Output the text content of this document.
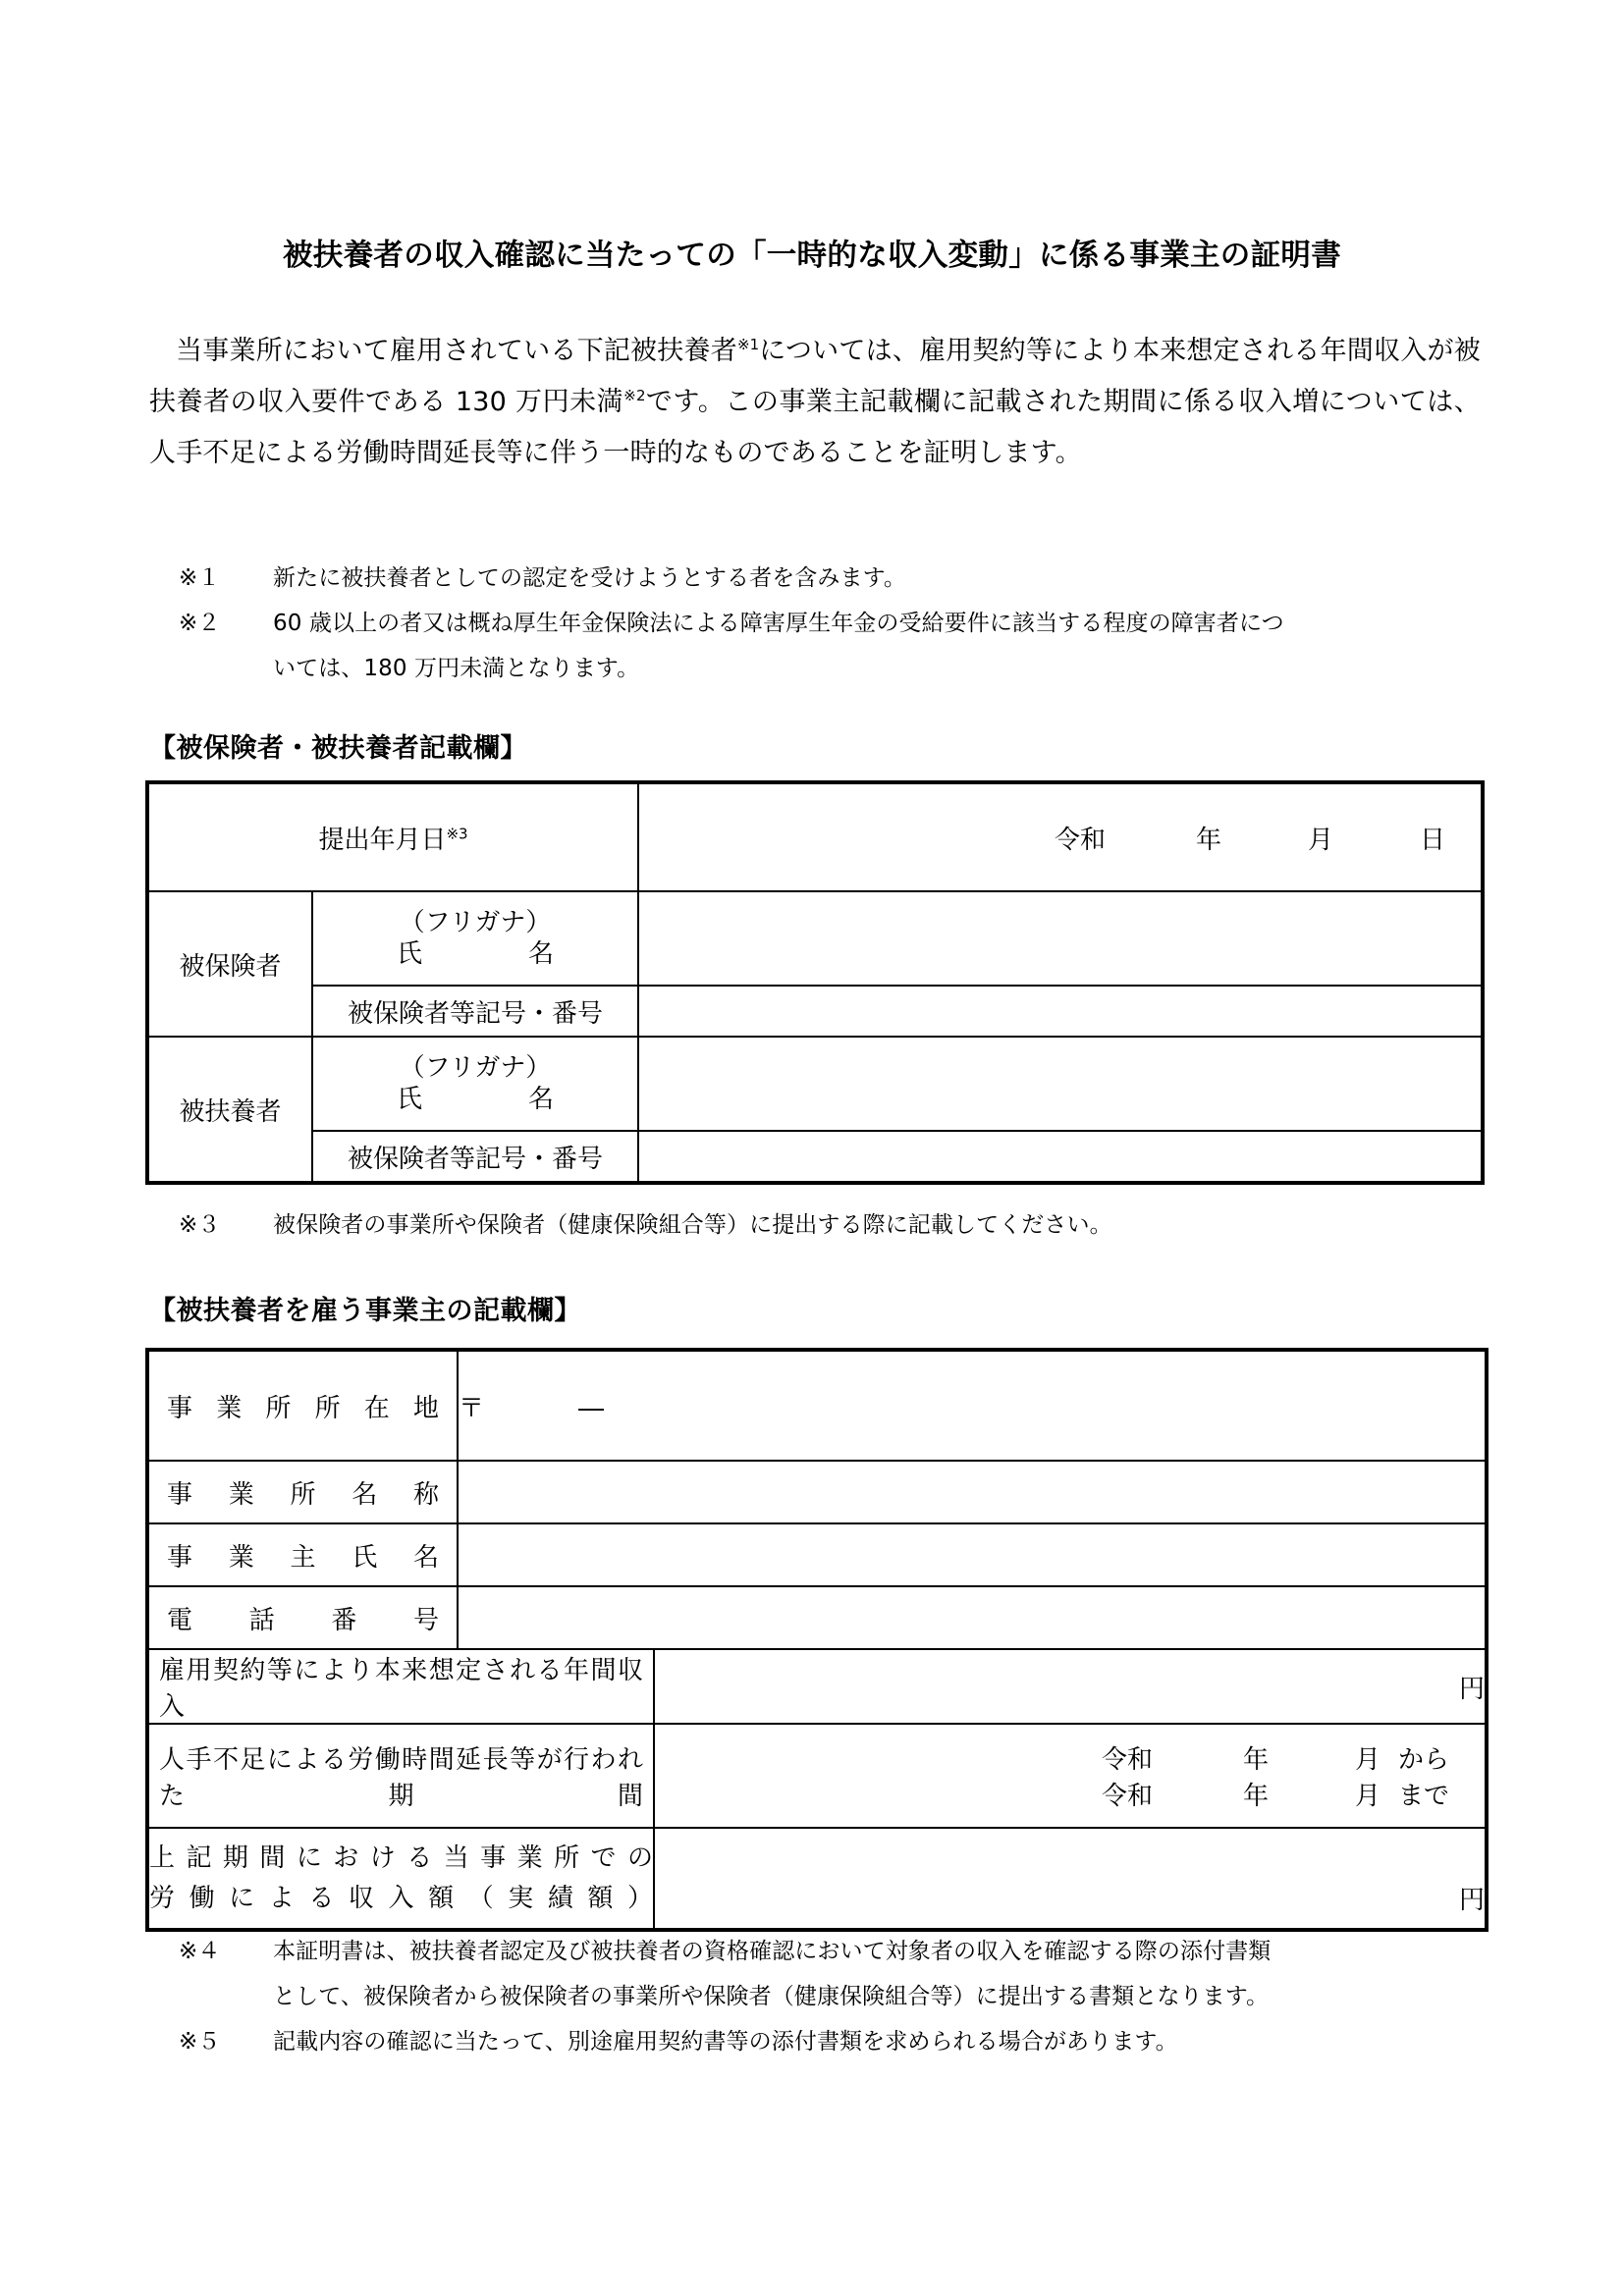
被扶養者の収入確認に当たっての「一時的な収入変動」に係る事業主の証明書
当事業所において雇用されている下記被扶養者$^{※1}$については、雇用契約等により本来想定される年間収入が被扶養者の収入要件である 130 万円未満$^{※2}$です。この事業主記載欄に記載された期間に係る収入増については、人手不足による労働時間延長等に伴う一時的なものであることを証明します。
※１ 新たに被扶養者としての認定を受けようとする者を含みます。
※２ 60 歳以上の者又は概ね厚生年金保険法による障害厚生年金の受給要件に該当する程度の障害者につ
いては、180 万円未満となります。
【被保険者・被扶養者記載欄】
提出年月日$^{※3}$		令和 年 月 日

被保険者	（フリガナ）
氏　　名	

	被保険者等記号・番号	
被扶養者	（フリガナ）
氏　　名	

	被保険者等記号・番号	
※３ 被保険者の事業所や保険者（健康保険組合等）に提出する際に記載してください。
【被扶養者を雇う事業主の記載欄】
事業所所在地	〒 ―	

事業所名称		

事業主氏名		

電話番号		

雇用契約等により本来想定される年間収入		円

人手不足による労働時間延長等が行われた期間

令和	年	月 から
令和	年	月 まで

上記期間における当事業所での
労働による収入額（実績額）		円
※４ 本証明書は、被扶養者認定及び被扶養者の資格確認において対象者の収入を確認する際の添付書類
として、被保険者から被保険者の事業所や保険者（健康保険組合等）に提出する書類となります。
※５ 記載内容の確認に当たって、別途雇用契約書等の添付書類を求められる場合があります。
